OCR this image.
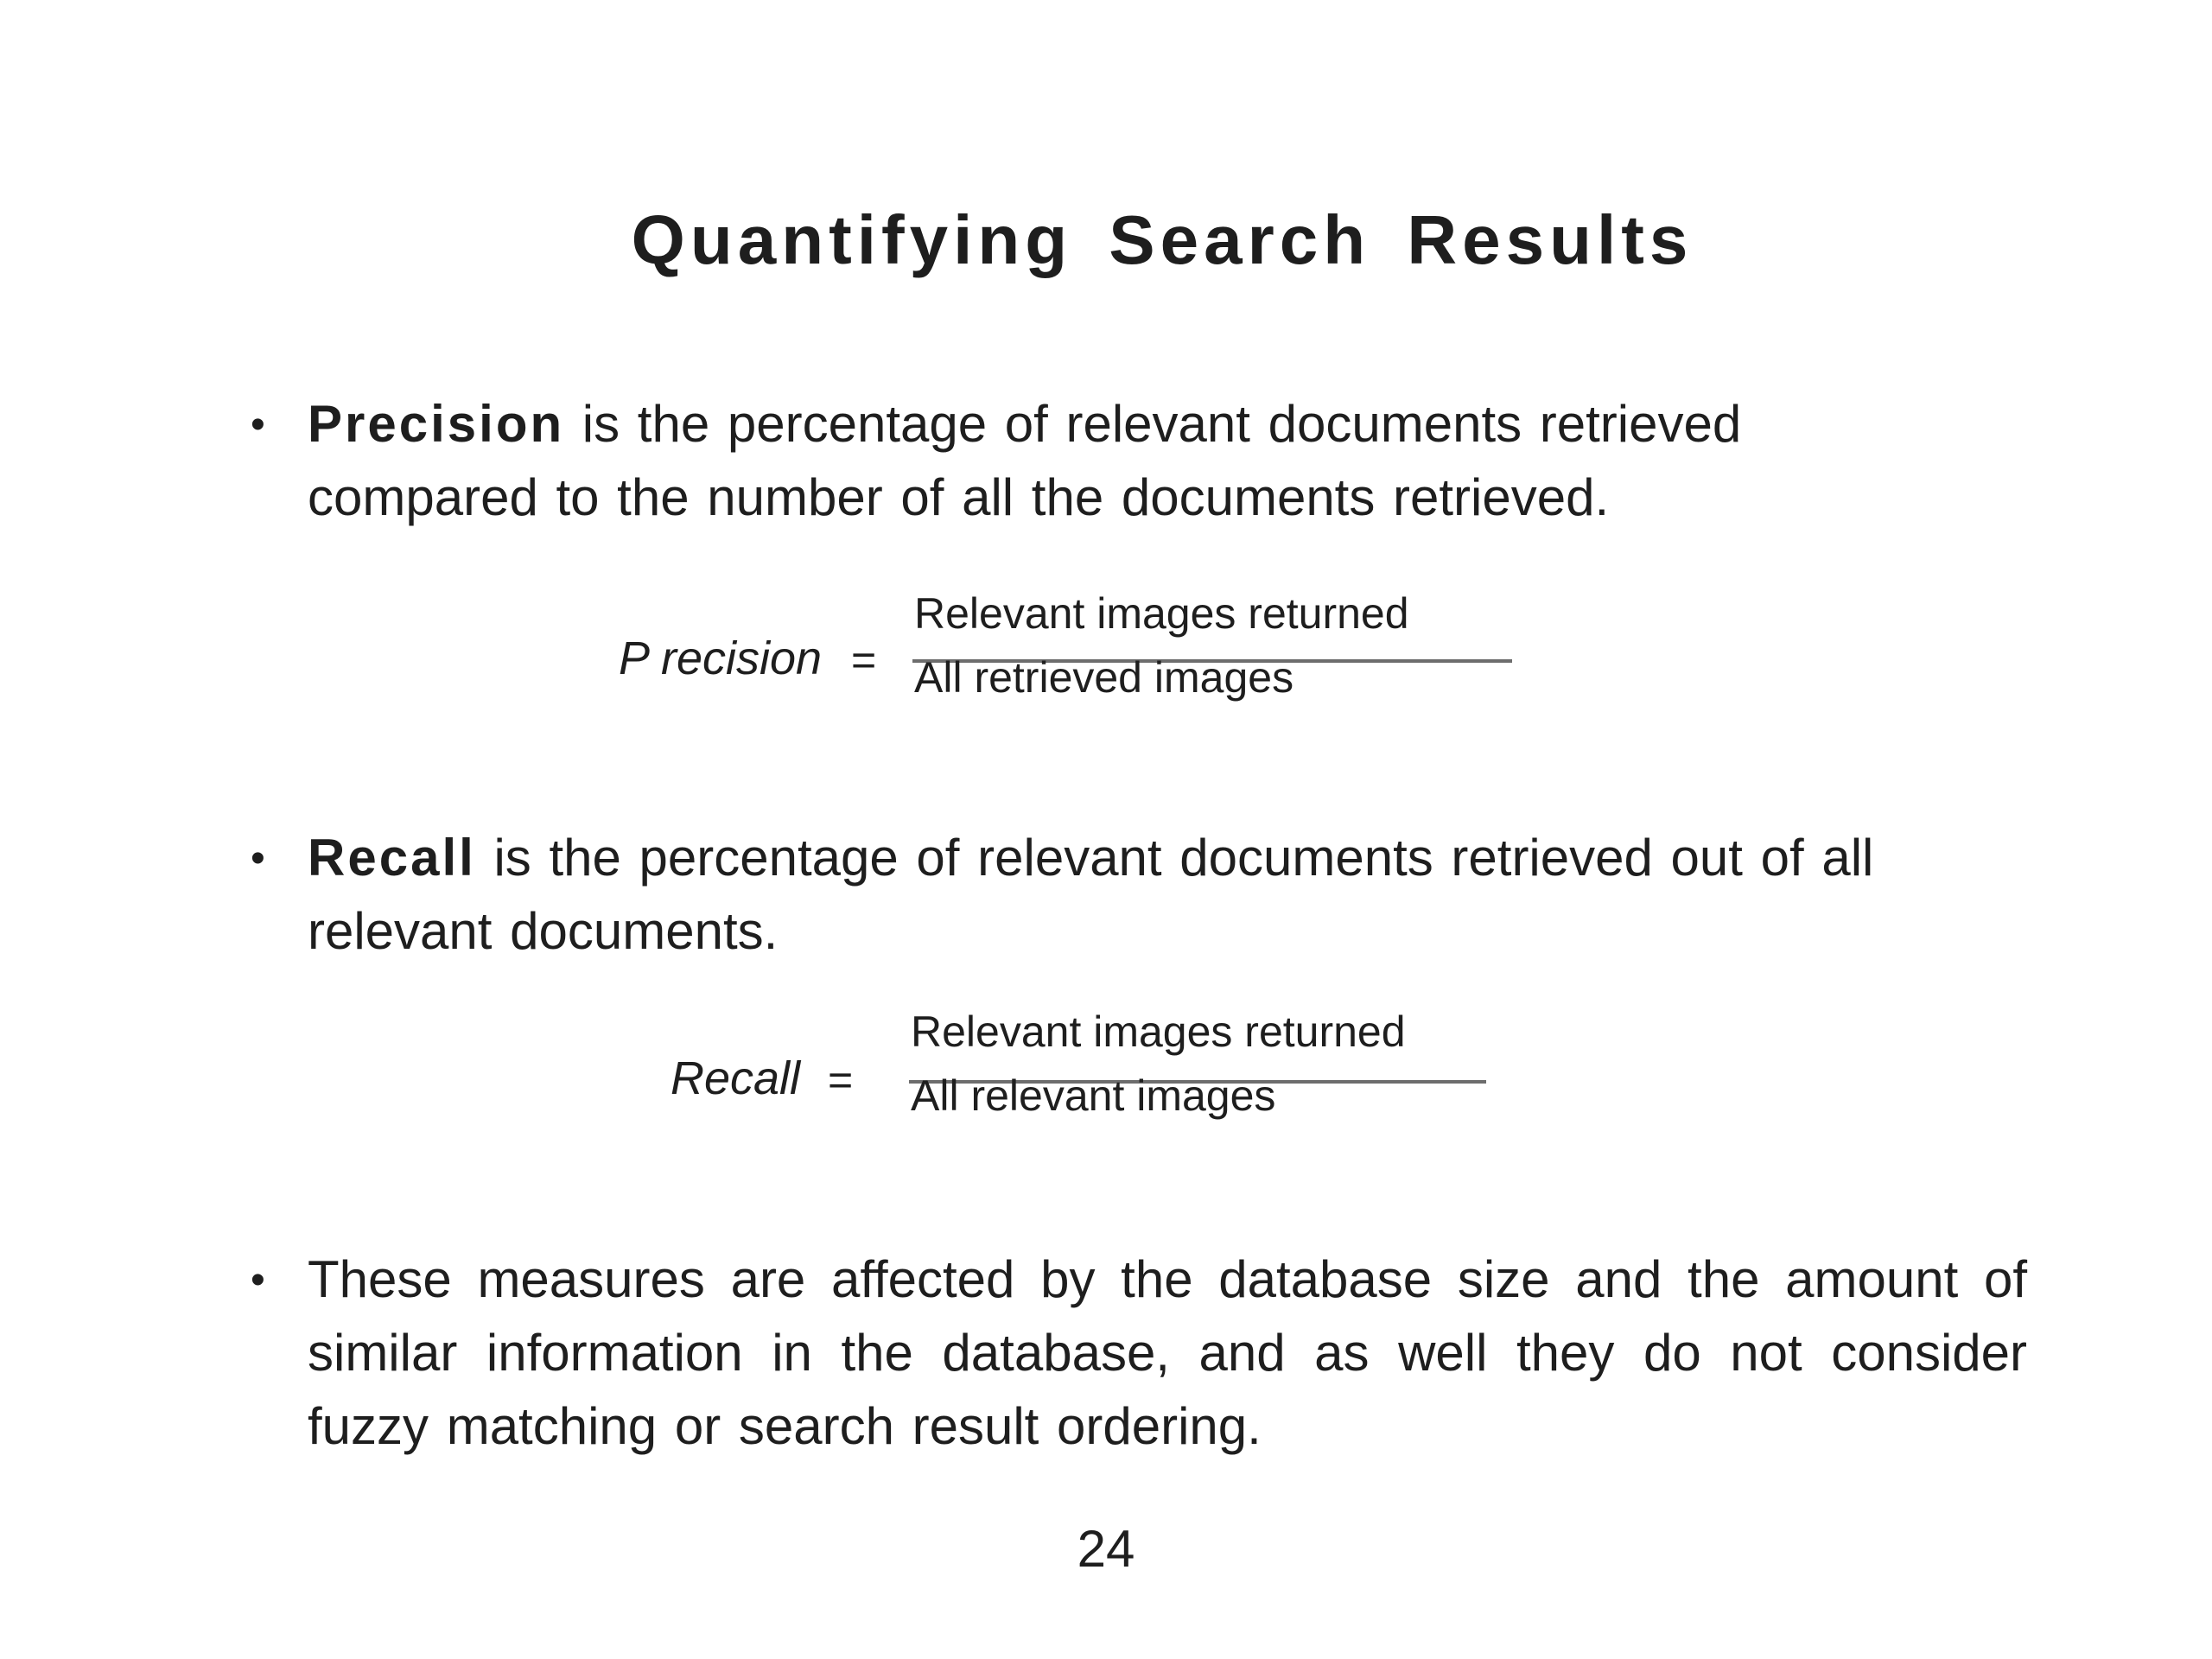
Quantifying Search Results
• Precision is the percentage of relevant documents retrieved compared to the number of all the documents retrieved.
P recision =
Relevant images returned
All retrieved images
• Recall is the percentage of relevant documents retrieved out of all relevant documents.
Recall =
Relevant images returned
All relevant images
• These measures are affected by the database size and the amount of similar information in the database, and as well they do not consider fuzzy matching or search result ordering.
24
